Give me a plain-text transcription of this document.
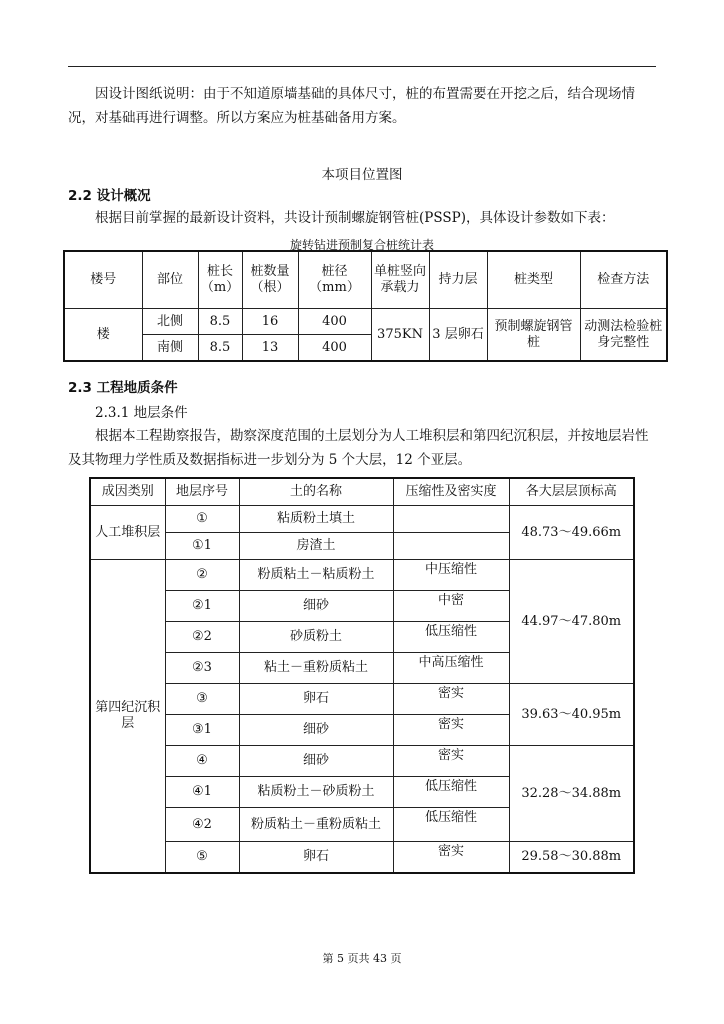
因设计图纸说明：由于不知道原墙基础的具体尺寸，桩的布置需要在开挖之后，结合现场情况，对基础再进行调整。所以方案应为桩基础备用方案。

本项目位置图
2.2 设计概况

根据目前掌握的最新设计资料，共设计预制螺旋钢管桩(PSSP)，具体设计参数如下表：

旋转钻进预制复合桩统计表
楼号	部位	桩长（m）	桩数量（根）	桩径（mm）	单桩竖向承载力	持力层	桩类型	检查方法
楼	北侧	8.5	16	400	375KN	3 层卵石	预制螺旋钢管桩	动测法检验桩身完整性
	南侧	8.5	13	400				
2.3 工程地质条件
2.3.1 地层条件

根据本工程勘察报告，勘察深度范围的土层划分为人工堆积层和第四纪沉积层，并按地层岩性及其物理力学性质及数据指标进一步划分为 5 个大层，12 个亚层。

成因类别	地层序号	土的名称	压缩性及密实度	各大层层顶标高
人工堆积层	①	粘质粉土填土		48.73～49.66m
	①1	房渣土		
第四纪沉积层	②	粉质粘土－粘质粉土	中压缩性	44.97～47.80m
	②1	细砂	中密	
	②2	砂质粉土	低压缩性	
	②3	粘土－重粉质粘土	中高压缩性	
	③	卵石	密实	39.63～40.95m
	③1	细砂	密实	
	④	细砂	密实	32.28～34.88m
	④1	粘质粉土－砂质粉土	低压缩性	
	④2	粉质粘土－重粉质粘土	低压缩性	
	⑤	卵石	密实	29.58～30.88m
第 5 页共 43 页
